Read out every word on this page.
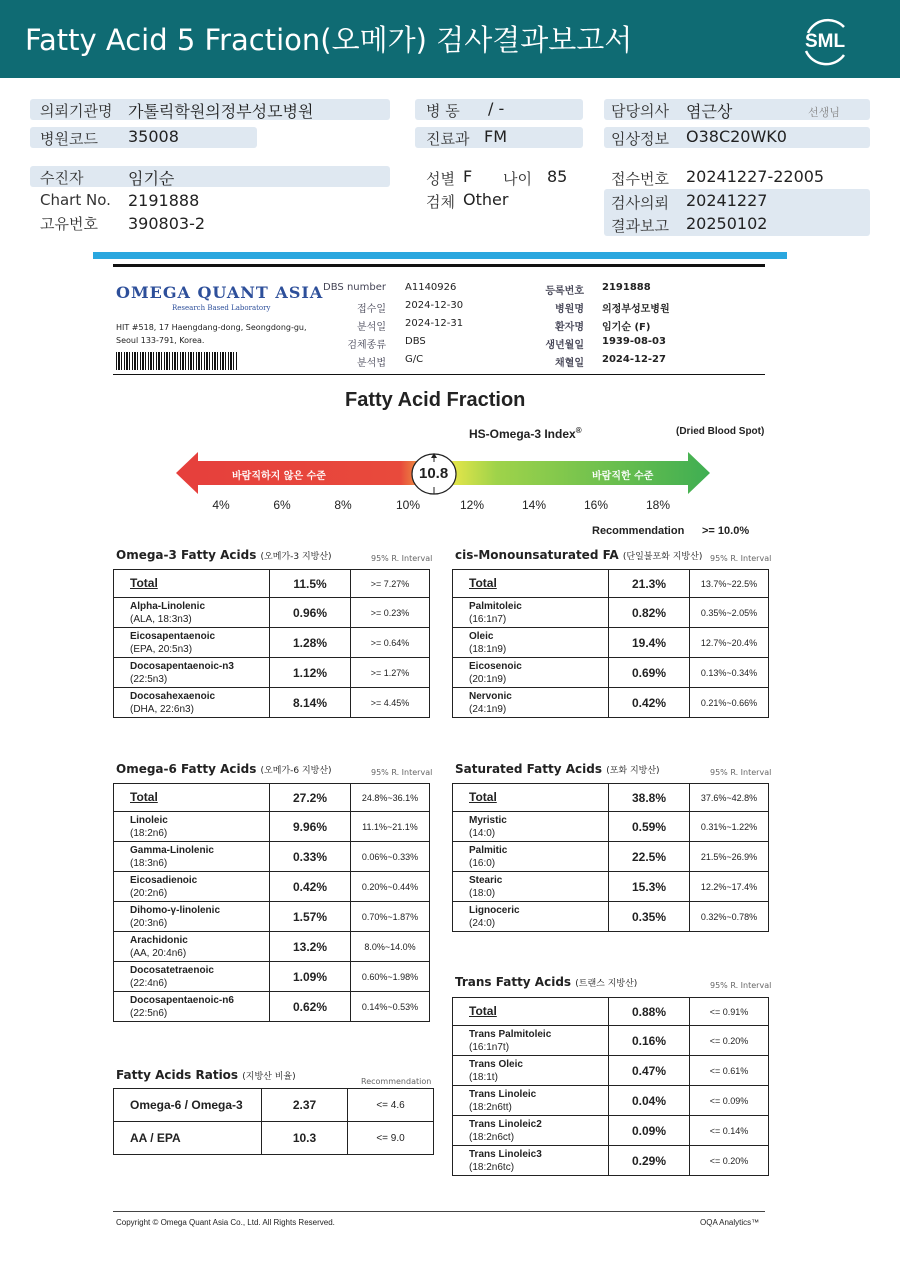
Fatty Acid 5 Fraction(오메가) 검사결과보고서	SML
의뢰기관명 가톨릭학원의정부성모병원
병원코드 35008
병 동 / -
진료과 FM
담당의사 염근상	선생님
임상정보 O38C20WK0
수진자	임기순
Chart No. 2191888
고유번호 390803-2
성별 F 나이 85
검체 Other
접수번호 20241227-22005
검사의뢰 20241227
결과보고 20250102
OMEGA QUANT ASIA
Research Based Laboratory
HIT #518, 17 Haengdang-dong, Seongdong-gu,
Seoul 133-791, Korea.
DBS number A1140926
접수일 2024-12-30
분석일 2024-12-31
검체종류 DBS
분석법 G/C
등록번호 2191888
병원명 의정부성모병원
환자명 임기순 (F)
생년월일 1939-08-03
채혈일 2024-12-27
Fatty Acid Fraction
HS-Omega-3 Index®	(Dried Blood Spot)
바람직하지 않은 수준	바람직한 수준
10.8
4%	6%	8%	10%	12%	14%	16%	18%
Recommendation >= 10.0%
Omega-3 Fatty Acids (오메가-3 지방산)	95% R. Interval
Total	11.5%	>= 7.27%
Alpha-Linolenic
(ALA, 18:3n3)	0.96%	>= 0.23%
Eicosapentaenoic
(EPA, 20:5n3)	1.28%	>= 0.64%
Docosapentaenoic-n3
(22:5n3)	1.12%	>= 1.27%
Docosahexaenoic
(DHA, 22:6n3)	8.14%	>= 4.45%
cis-Monounsaturated FA (단일불포화 지방산) 95% R. Interval
Total	21.3%	13.7%~22.5%
Palmitoleic
(16:1n7)	0.82%	0.35%~2.05%
Oleic
(18:1n9)	19.4%	12.7%~20.4%
Eicosenoic
(20:1n9)	0.69%	0.13%~0.34%
Nervonic
(24:1n9)	0.42%	0.21%~0.66%
Omega-6 Fatty Acids (오메가-6 지방산)	95% R. Interval
Total	27.2%	24.8%~36.1%
Linoleic
(18:2n6)	9.96%	11.1%~21.1%
Gamma-Linolenic
(18:3n6)	0.33%	0.06%~0.33%
Eicosadienoic
(20:2n6)	0.42%	0.20%~0.44%
Dihomo-γ-linolenic
(20:3n6)	1.57%	0.70%~1.87%
Arachidonic
(AA, 20:4n6)	13.2%	8.0%~14.0%
Docosatetraenoic
(22:4n6)	1.09%	0.60%~1.98%
Docosapentaenoic-n6
(22:5n6)	0.62%	0.14%~0.53%
Saturated Fatty Acids (포화 지방산)	95% R. Interval
Total	38.8%	37.6%~42.8%
Myristic
(14:0)	0.59%	0.31%~1.22%
Palmitic
(16:0)	22.5%	21.5%~26.9%
Stearic
(18:0)	15.3%	12.2%~17.4%
Lignoceric
(24:0)	0.35%	0.32%~0.78%
Trans Fatty Acids (트랜스 지방산)	95% R. Interval
Total	0.88%	<= 0.91%
Trans Palmitoleic
(16:1n7t)	0.16%	<= 0.20%
Trans Oleic
(18:1t)	0.47%	<= 0.61%
Trans Linoleic
(18:2n6tt)	0.04%	<= 0.09%
Trans Linoleic2
(18:2n6ct)	0.09%	<= 0.14%
Trans Linoleic3
(18:2n6tc)	0.29%	<= 0.20%
Fatty Acids Ratios (지방산 비율)	Recommendation
Omega-6 / Omega-3	2.37	<= 4.6
AA / EPA	10.3	<= 9.0
Copyright © Omega Quant Asia Co., Ltd. All Rights Reserved.	OQA Analytics™
